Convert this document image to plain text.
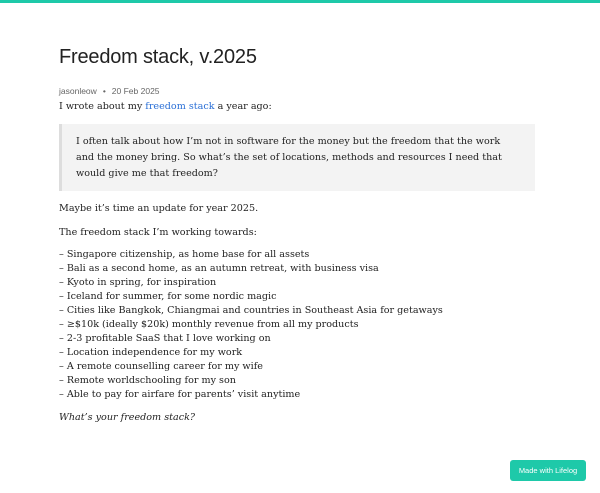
Freedom stack, v.2025
jasonleow • 20 Feb 2025

I wrote about my freedom stack a year ago:

I often talk about how I’m not in software for the money but the freedom that the work and the money bring. So what’s the set of locations, methods and resources I need that would give me that freedom?

Maybe it’s time an update for year 2025.

The freedom stack I’m working towards:

– Singapore citizenship, as home base for all assets
– Bali as a second home, as an autumn retreat, with business visa
– Kyoto in spring, for inspiration
– Iceland for summer, for some nordic magic
– Cities like Bangkok, Chiangmai and countries in Southeast Asia for getaways
– ≥$10k (ideally $20k) monthly revenue from all my products
– 2-3 profitable SaaS that I love working on
– Location independence for my work
– A remote counselling career for my wife
– Remote worldschooling for my son
– Able to pay for airfare for parents’ visit anytime

What’s your freedom stack?

Made with Lifelog
